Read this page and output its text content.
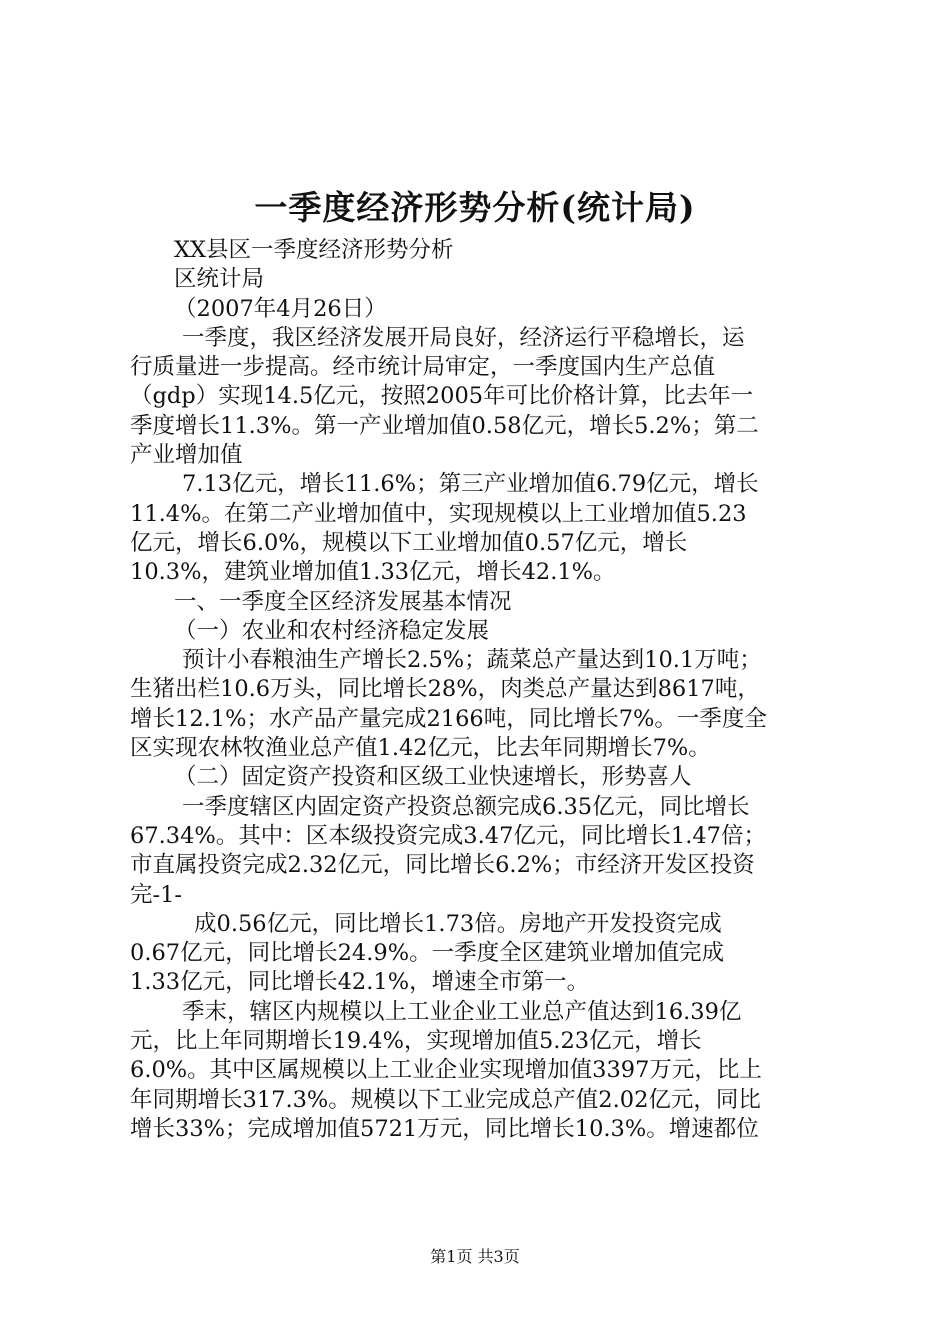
一季度经济形势分析(统计局)
XX县区一季度经济形势分析
区统计局
（2007年4月26日）
一季度，我区经济发展开局良好，经济运行平稳增长，运
行质量进一步提高。经市统计局审定，一季度国内生产总值
（gdp）实现14.5亿元，按照2005年可比价格计算，比去年一
季度增长11.3%。第一产业增加值0.58亿元，增长5.2%；第二
产业增加值
7.13亿元，增长11.6%；第三产业增加值6.79亿元，增长
11.4%。在第二产业增加值中，实现规模以上工业增加值5.23
亿元，增长6.0%，规模以下工业增加值0.57亿元，增长
10.3%，建筑业增加值1.33亿元，增长42.1%。
一、一季度全区经济发展基本情况
（一）农业和农村经济稳定发展
预计小春粮油生产增长2.5%；蔬菜总产量达到10.1万吨；
生猪出栏10.6万头，同比增长28%，肉类总产量达到8617吨，
增长12.1%；水产品产量完成2166吨，同比增长7%。一季度全
区实现农林牧渔业总产值1.42亿元，比去年同期增长7%。
（二）固定资产投资和区级工业快速增长，形势喜人
一季度辖区内固定资产投资总额完成6.35亿元，同比增长
67.34%。其中：区本级投资完成3.47亿元，同比增长1.47倍；
市直属投资完成2.32亿元，同比增长6.2%；市经济开发区投资
完-1-
成0.56亿元，同比增长1.73倍。房地产开发投资完成
0.67亿元，同比增长24.9%。一季度全区建筑业增加值完成
1.33亿元，同比增长42.1%，增速全市第一。
季末，辖区内规模以上工业企业工业总产值达到16.39亿
元，比上年同期增长19.4%，实现增加值5.23亿元，增长
6.0%。其中区属规模以上工业企业实现增加值3397万元，比上
年同期增长317.3%。规模以下工业完成总产值2.02亿元，同比
增长33%；完成增加值5721万元，同比增长10.3%。增速都位
第1页 共3页
